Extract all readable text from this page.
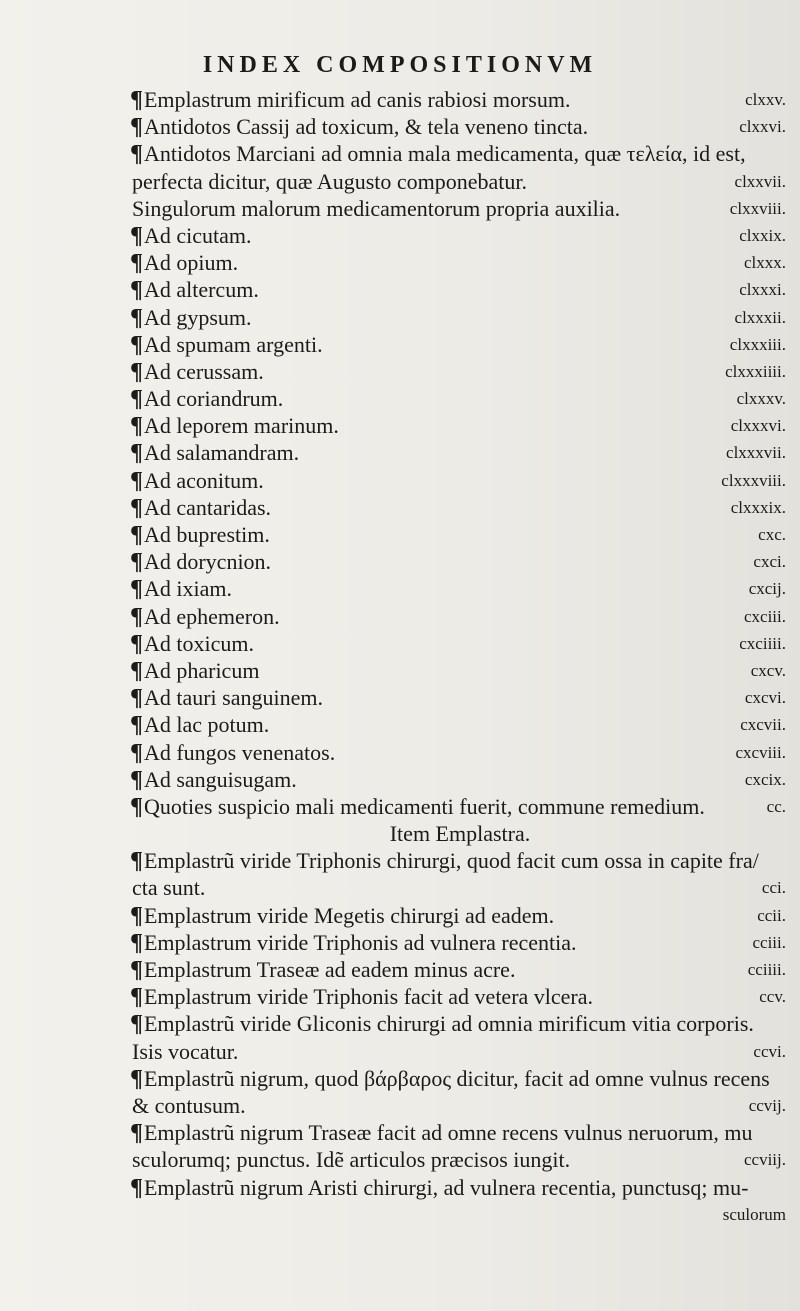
INDEX COMPOSITIONVM
¶Emplastrum mirificum ad canis rabiosi morsum.	clxxv.
¶Antidotos Cassij ad toxicum, & tela veneno tincta.	clxxvi.
¶Antidotos Marciani ad omnia mala medicamenta, quæ τελεία, id est,
perfecta dicitur, quæ Augusto componebatur.	clxxvii.
Singulorum malorum medicamentorum propria auxilia.	clxxviii.
¶Ad cicutam.	clxxix.
¶Ad opium.	clxxx.
¶Ad altercum.	clxxxi.
¶Ad gypsum.	clxxxii.
¶Ad spumam argenti.	clxxxiii.
¶Ad cerussam.	clxxxiiii.
¶Ad coriandrum.	clxxxv.
¶Ad leporem marinum.	clxxxvi.
¶Ad salamandram.	clxxxvii.
¶Ad aconitum.	clxxxviii.
¶Ad cantaridas.	clxxxix.
¶Ad buprestim.	cxc.
¶Ad dorycnion.	cxci.
¶Ad ixiam.	cxcij.
¶Ad ephemeron.	cxciii.
¶Ad toxicum.	cxciiii.
¶Ad pharicum	cxcv.
¶Ad tauri sanguinem.	cxcvi.
¶Ad lac potum.	cxcvii.
¶Ad fungos venenatos.	cxcviii.
¶Ad sanguisugam.	cxcix.
¶Quoties suspicio mali medicamenti fuerit, commune remedium.	cc.
Item Emplastra.
¶Emplastrũ viride Triphonis chirurgi, quod facit cum ossa in capite fra/
cta sunt.	cci.
¶Emplastrum viride Megetis chirurgi ad eadem.	ccii.
¶Emplastrum viride Triphonis ad vulnera recentia.	cciii.
¶Emplastrum Traseæ ad eadem minus acre.	cciiii.
¶Emplastrum viride Triphonis facit ad vetera vlcera.	ccv.
¶Emplastrũ viride Gliconis chirurgi ad omnia mirificum vitia corporis.
Isis vocatur.	ccvi.
¶Emplastrũ nigrum, quod βάρβαρος dicitur, facit ad omne vulnus recens
& contusum.	ccvij.
¶Emplastrũ nigrum Traseæ facit ad omne recens vulnus neruorum, mu
sculorumq; punctus. Idẽ articulos præcisos iungit.	ccviij.
¶Emplastrũ nigrum Aristi chirurgi, ad vulnera recentia, punctusq; mu-
sculorum
